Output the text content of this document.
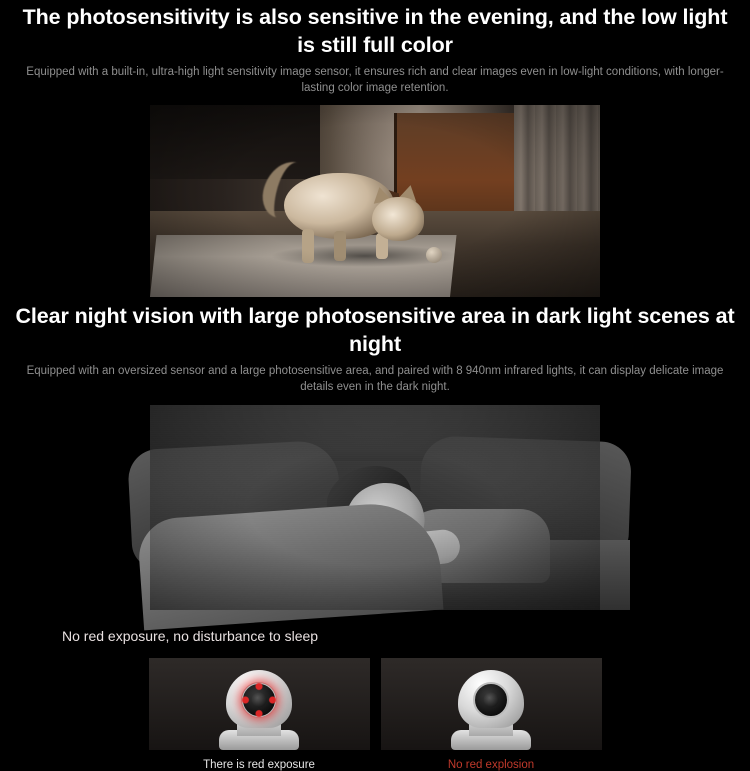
The photosensitivity is also sensitive in the evening, and the low light is still full color
Equipped with a built-in, ultra-high light sensitivity image sensor, it ensures rich and clear images even in low-light conditions, with longer-lasting color image retention.
Clear night vision with large photosensitive area in dark light scenes at night
Equipped with an oversized sensor and a large photosensitive area, and paired with 8 940nm infrared lights, it can display delicate image details even in the dark night.
No red exposure, no disturbance to sleep
There is red exposure	No red explosion
